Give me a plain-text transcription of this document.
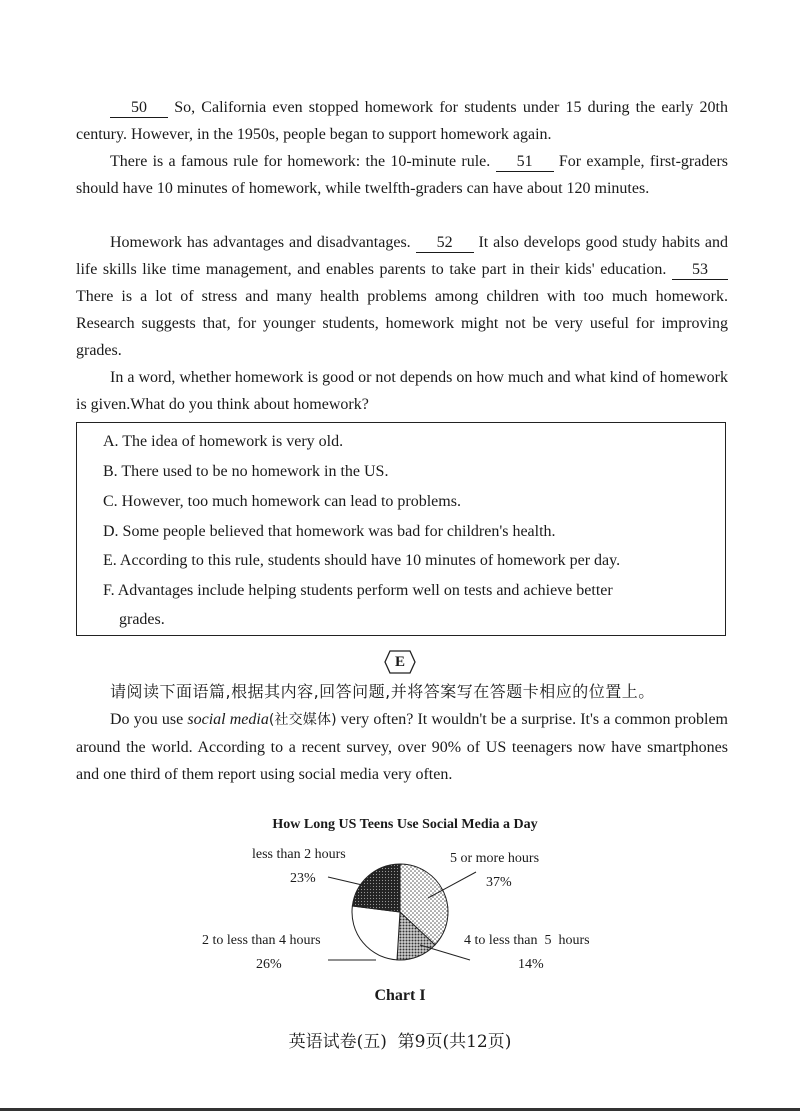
50 So, California even stopped homework for students under 15 during the early 20th century. However, in the 1950s, people began to support homework again.
There is a famous rule for homework: the 10-minute rule. 51 For example, first-graders should have 10 minutes of homework, while twelfth-graders can have about 120 minutes.
Homework has advantages and disadvantages. 52 It also develops good study habits and life skills like time management, and enables parents to take part in their kids' education. 53 There is a lot of stress and many health problems among children with too much homework. Research suggests that, for younger students, homework might not be very useful for improving grades.
In a word, whether homework is good or not depends on how much and what kind of homework is given.What do you think about homework?
A. The idea of homework is very old.
B. There used to be no homework in the US.
C. However, too much homework can lead to problems.
D. Some people believed that homework was bad for children's health.
E. According to this rule, students should have 10 minutes of homework per day.
F. Advantages include helping students perform well on tests and achieve better
grades.
E
请阅读下面语篇,根据其内容,回答问题,并将答案写在答题卡相应的位置上。
Do you use social media(社交媒体) very often? It wouldn't be a surprise. It's a common problem around the world. According to a recent survey, over 90% of US teenagers now have smartphones and one third of them report using social media very often.
How Long US Teens Use Social Media a Day
less than 2 hours
23%
5 or more hours
37%
2 to less than 4 hours
26%
4 to less than  5  hours
14%
Chart I
英语试卷(五)  第9页(共12页)
